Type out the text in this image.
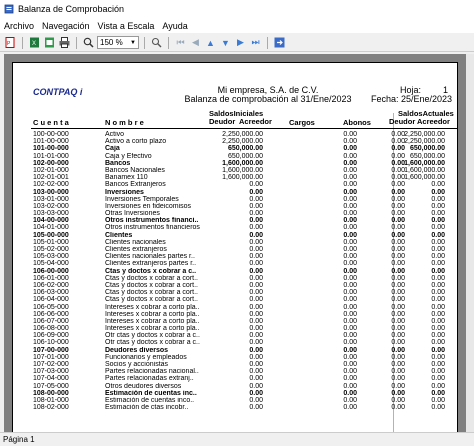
Balanza de Comprobación
Archivo Navegación Vista a Escala Ayuda
P	X	150 % ▼	⏮ ◀ ▲ ▼ ▶ ⏭
CONTPAQ i	Mi empresa, S.A. de C.V.
Balanza de comprobación al 31/Ene/2023
Hoja: 1
Fecha: 25/Ene/2023
SaldosIniciales	SaldosActuales
C u e n t a	N o m b r e	Deudor Acreedor Cargos	Abonos Deudor Acreedor
100-00-000	Activo	2,250,000.00	0.00	0.00 2,250,000.00
101-00-000	Activo a corto plazo	2,250,000.00	0.00	0.00 2,250,000.00
101-00-000	Caja	650,000.00	0.00	0.00 650,000.00
101-01-000	Caja y Efectivo	650,000.00	0.00	0.00 650,000.00
102-00-000	Bancos	1,600,000.00	0.00	0.00 1,600,000.00
102-01-000	Bancos Nacionales	1,600,000.00	0.00	0.00 1,600,000.00
102-01-001	Banamex 110	1,600,000.00	0.00	0.00 1,600,000.00
102-02-000	Bancos Extranjeros	0.00	0.00	0.00	0.00
103-00-000	Inversiones	0.00	0.00	0.00	0.00
103-01-000	Inversiones Temporales	0.00	0.00	0.00	0.00
103-02-000	Inversiones en fideicomisos	0.00	0.00	0.00	0.00
103-03-000	Otras Inversiones	0.00	0.00	0.00	0.00
104-00-000	Otros instrumentos financi..	0.00	0.00	0.00	0.00
104-01-000	Otros instrumentos financieros	0.00	0.00	0.00	0.00
105-00-000	Clientes	0.00	0.00	0.00	0.00
105-01-000	Clientes nacionales	0.00	0.00	0.00	0.00
105-02-000	Clientes extranjeros	0.00	0.00	0.00	0.00
105-03-000	Clientes nacionales partes r..	0.00	0.00	0.00	0.00
105-04-000	Clientes extranjeros partes r..	0.00	0.00	0.00	0.00
106-00-000	Ctas y doctos x cobrar a c..	0.00	0.00	0.00	0.00
106-01-000	Ctas y doctos x cobrar a cort..	0.00	0.00	0.00	0.00
106-02-000	Ctas y doctos x cobrar a cort..	0.00	0.00	0.00	0.00
106-03-000	Ctas y doctos x cobrar a cort..	0.00	0.00	0.00	0.00
106-04-000	Ctas y doctos x cobrar a cort..	0.00	0.00	0.00	0.00
106-05-000	Intereses x cobrar a corto pla..	0.00	0.00	0.00	0.00
106-06-000	Intereses x cobrar a corto pla..	0.00	0.00	0.00	0.00
106-07-000	Intereses x cobrar a corto pla..	0.00	0.00	0.00	0.00
106-08-000	Intereses x cobrar a corto pla..	0.00	0.00	0.00	0.00
106-09-000	Otr ctas y doctos x cobrar a c..	0.00	0.00	0.00	0.00
106-10-000	Otr ctas y doctos x cobrar a c..	0.00	0.00	0.00	0.00
107-00-000	Deudores diversos	0.00	0.00	0.00	0.00
107-01-000	Funcionarios y empleados	0.00	0.00	0.00	0.00
107-02-000	Socios y accionistas	0.00	0.00	0.00	0.00
107-03-000	Partes relacionadas nacional..	0.00	0.00	0.00	0.00
107-04-000	Partes relacionadas extranj..	0.00	0.00	0.00	0.00
107-05-000	Otros deudores diversos	0.00	0.00	0.00	0.00
108-00-000	Estimación de cuentas inc..	0.00	0.00	0.00	0.00
108-01-000	Estimación de cuentas inco..	0.00	0.00	0.00	0.00
108-02-000	Estimación de ctas incobr..	0.00	0.00	0.00	0.00
Página 1
